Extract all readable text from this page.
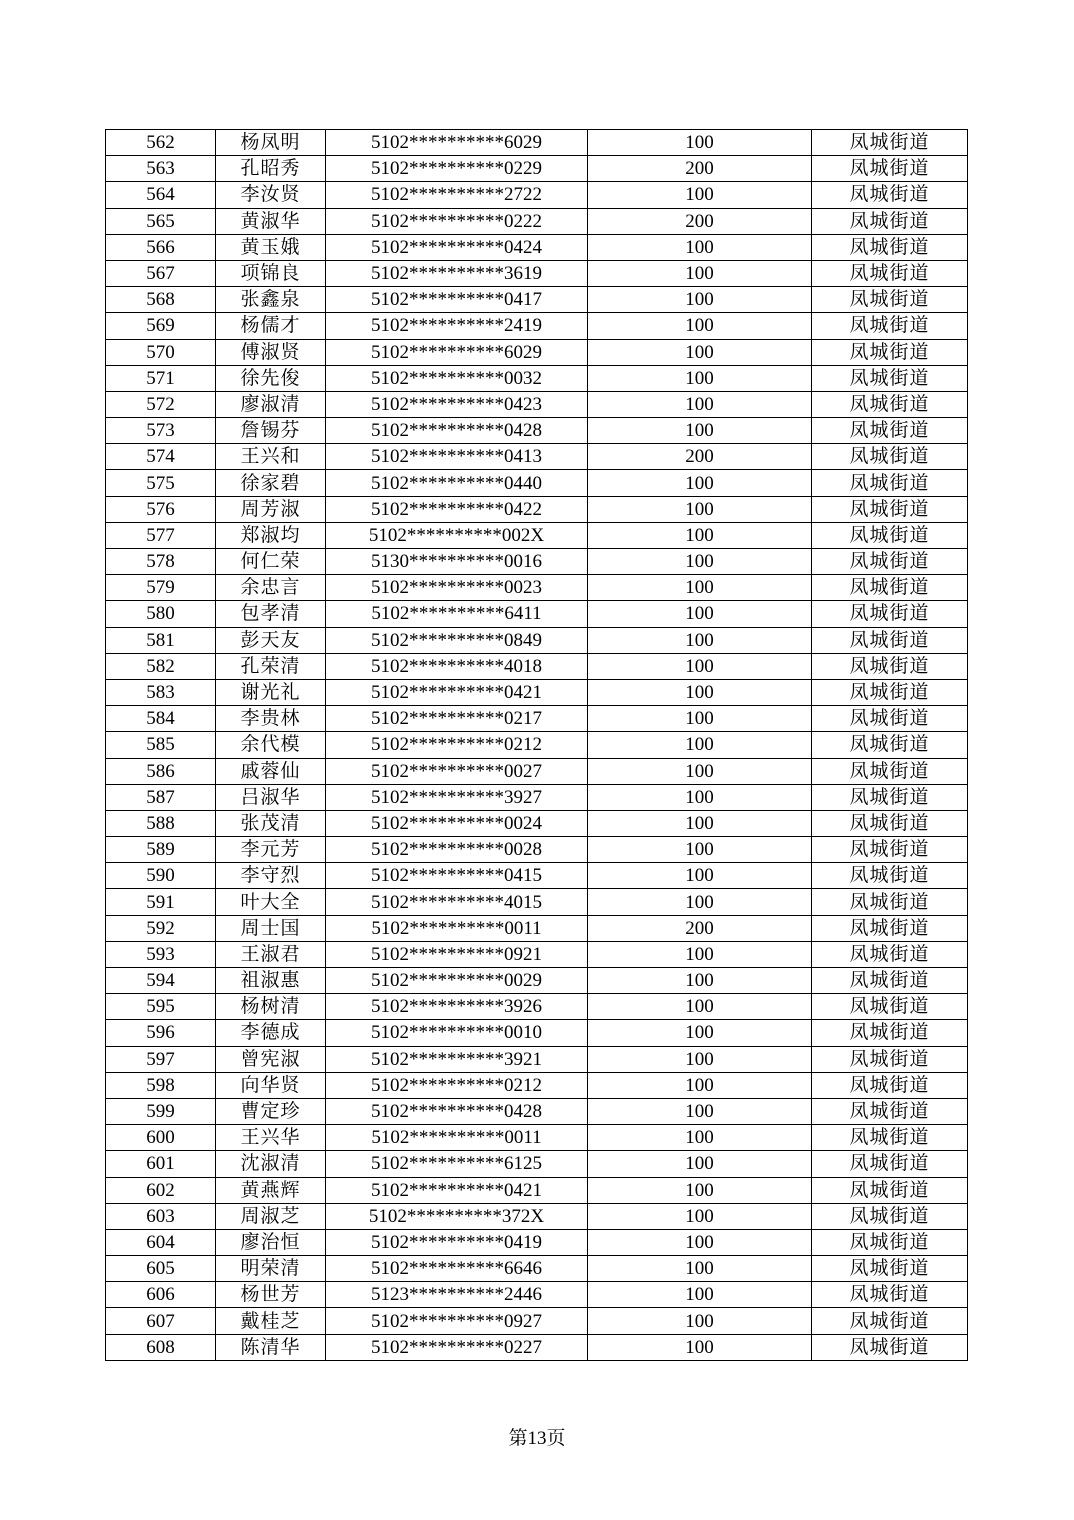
562	杨凤明	5102**********6029	100	凤城街道
563	孔昭秀	5102**********0229	200	凤城街道
564	李汝贤	5102**********2722	100	凤城街道
565	黄淑华	5102**********0222	200	凤城街道
566	黄玉娥	5102**********0424	100	凤城街道
567	项锦良	5102**********3619	100	凤城街道
568	张鑫泉	5102**********0417	100	凤城街道
569	杨儒才	5102**********2419	100	凤城街道
570	傅淑贤	5102**********6029	100	凤城街道
571	徐先俊	5102**********0032	100	凤城街道
572	廖淑清	5102**********0423	100	凤城街道
573	詹锡芬	5102**********0428	100	凤城街道
574	王兴和	5102**********0413	200	凤城街道
575	徐家碧	5102**********0440	100	凤城街道
576	周芳淑	5102**********0422	100	凤城街道
577	郑淑均	5102**********002X	100	凤城街道
578	何仁荣	5130**********0016	100	凤城街道
579	余忠言	5102**********0023	100	凤城街道
580	包孝清	5102**********6411	100	凤城街道
581	彭天友	5102**********0849	100	凤城街道
582	孔荣清	5102**********4018	100	凤城街道
583	谢光礼	5102**********0421	100	凤城街道
584	李贵林	5102**********0217	100	凤城街道
585	余代模	5102**********0212	100	凤城街道
586	戚蓉仙	5102**********0027	100	凤城街道
587	吕淑华	5102**********3927	100	凤城街道
588	张茂清	5102**********0024	100	凤城街道
589	李元芳	5102**********0028	100	凤城街道
590	李守烈	5102**********0415	100	凤城街道
591	叶大全	5102**********4015	100	凤城街道
592	周士国	5102**********0011	200	凤城街道
593	王淑君	5102**********0921	100	凤城街道
594	祖淑惠	5102**********0029	100	凤城街道
595	杨树清	5102**********3926	100	凤城街道
596	李德成	5102**********0010	100	凤城街道
597	曾宪淑	5102**********3921	100	凤城街道
598	向华贤	5102**********0212	100	凤城街道
599	曹定珍	5102**********0428	100	凤城街道
600	王兴华	5102**********0011	100	凤城街道
601	沈淑清	5102**********6125	100	凤城街道
602	黄燕辉	5102**********0421	100	凤城街道
603	周淑芝	5102**********372X	100	凤城街道
604	廖治恒	5102**********0419	100	凤城街道
605	明荣清	5102**********6646	100	凤城街道
606	杨世芳	5123**********2446	100	凤城街道
607	戴桂芝	5102**********0927	100	凤城街道
608	陈清华	5102**********0227	100	凤城街道
第13页
